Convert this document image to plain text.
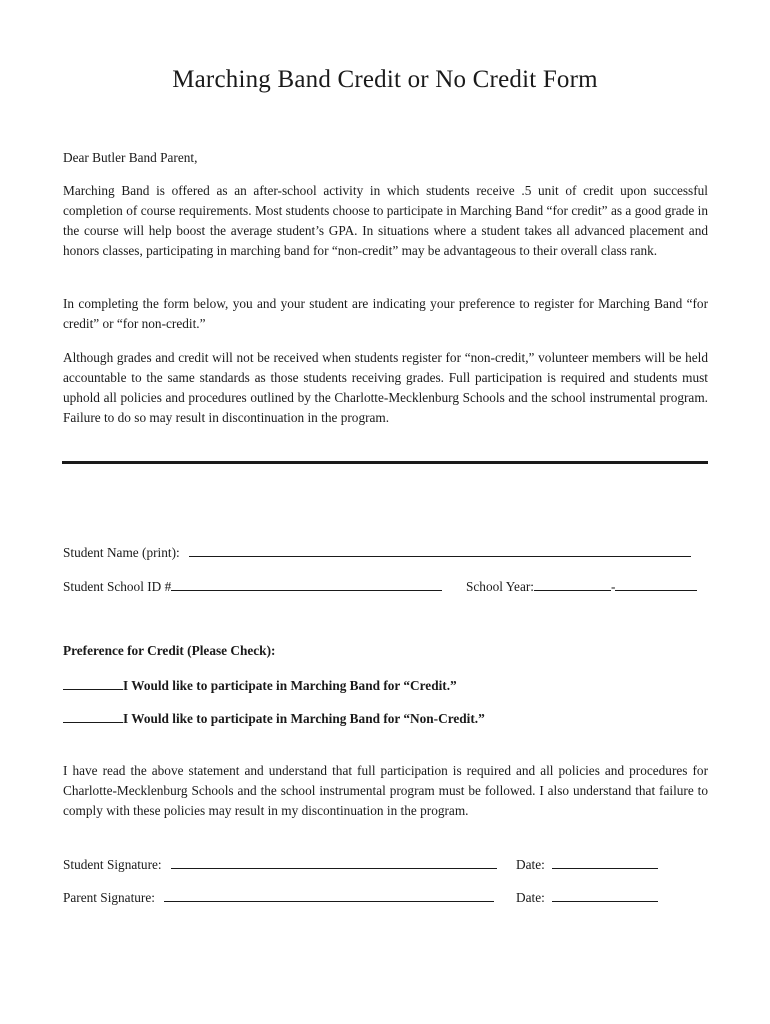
Marching Band Credit or No Credit Form
Dear Butler Band Parent,
Marching Band is offered as an after-school activity in which students receive .5 unit of credit upon successful completion of course requirements. Most students choose to participate in Marching Band “for credit” as a good grade in the course will help boost the average student’s GPA. In situations where a student takes all advanced placement and honors classes, participating in marching band for “non-credit” may be advantageous to their overall class rank.
In completing the form below, you and your student are indicating your preference to register for Marching Band “for credit” or “for non-credit.”
Although grades and credit will not be received when students register for “non-credit,” volunteer members will be held accountable to the same standards as those students receiving grades. Full participation is required and students must uphold all policies and procedures outlined by the Charlotte-Mecklenburg Schools and the school instrumental program. Failure to do so may result in discontinuation in the program.
Student Name (print):
Student School ID #	School Year:	-
Preference for Credit (Please Check):
I Would like to participate in Marching Band for “Credit.”
I Would like to participate in Marching Band for “Non-Credit.”
I have read the above statement and understand that full participation is required and all policies and procedures for Charlotte-Mecklenburg Schools and the school instrumental program must be followed. I also understand that failure to comply with these policies may result in my discontinuation in the program.
Student Signature:	Date:
Parent Signature:	Date:
